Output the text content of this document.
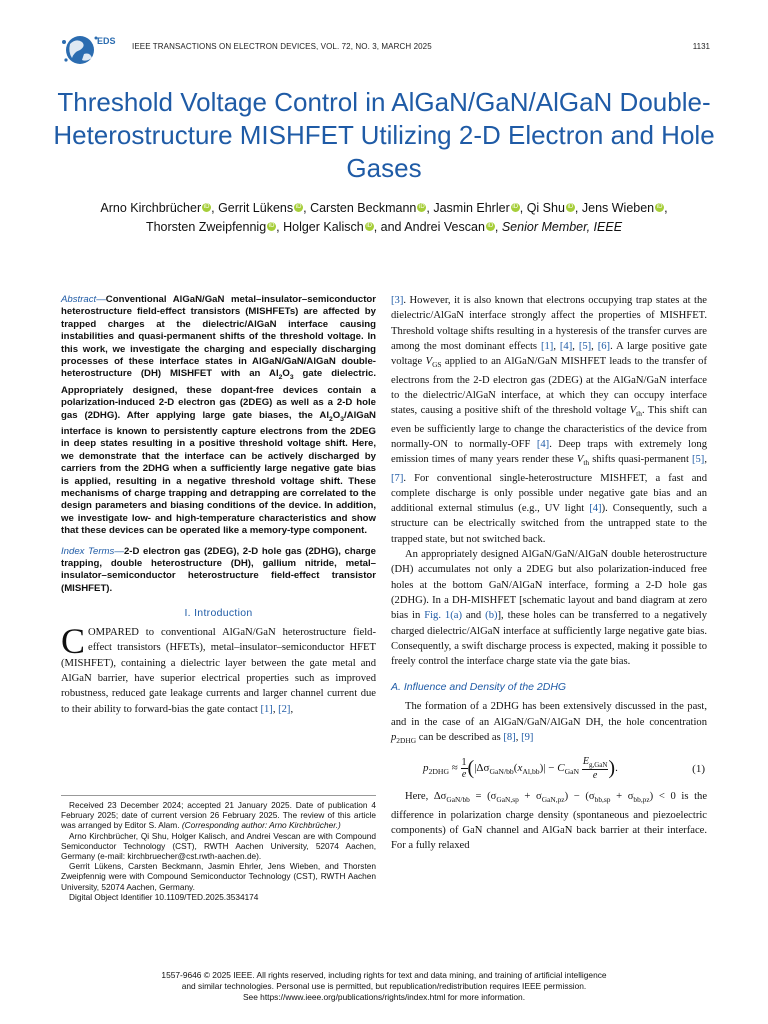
EDS
IEEE TRANSACTIONS ON ELECTRON DEVICES, VOL. 72, NO. 3, MARCH 2025	1131
Threshold Voltage Control in AlGaN/GaN/AlGaN Double-Heterostructure MISHFET Utilizing 2-D Electron and Hole Gases
Arno Kirchbrücher iD , Gerrit Lükens iD , Carsten Beckmann iD , Jasmin Ehrler iD , Qi Shu iD , Jens Wieben iD ,
Thorsten Zweipfennig iD , Holger Kalisch iD , and Andrei Vescan iD , Senior Member, IEEE

Abstract—Conventional AlGaN/GaN metal–insulator–semiconductor heterostructure field-effect transistors (MISHFETs) are affected by trapped charges at the dielectric/AlGaN interface causing instabilities and quasi-permanent shifts of the threshold voltage. In this work, we investigate the charging and especially discharging processes of these interface states in AlGaN/GaN/AlGaN double-heterostructure (DH) MISHFET with an $Al_2O_3$ gate dielectric. Appropriately designed, these dopant-free devices contain a polarization-induced 2-D electron gas (2DEG) as well as a 2-D hole gas (2DHG). After applying large gate biases, the $Al_2O_3$/AlGaN interface is known to persistently capture electrons from the 2DEG in deep states resulting in a positive threshold voltage shift. Here, we demonstrate that the interface can be actively discharged by carriers from the 2DHG when a sufficiently large negative gate bias is applied, resulting in a negative threshold voltage shift. These mechanisms of charge trapping and detrapping are correlated to the design parameters and biasing conditions of the device. In addition, we investigate low- and high-temperature characteristics and show that these devices can be operated like a memory-type component.

Index Terms—2-D electron gas (2DEG), 2-D hole gas (2DHG), charge trapping, double heterostructure (DH), gallium nitride, metal–insulator–semiconductor heterostructure field-effect transistor (MISHFET).

I. Introduction

COMPARED to conventional AlGaN/GaN heterostructure field-effect transistors (HFETs), metal–insulator–semiconductor HFET (MISHFET), containing a dielectric layer between the gate metal and AlGaN barrier, have superior electrical properties such as improved robustness, reduced gate leakage currents and larger channel current due to their ability to forward-bias the gate contact [1], [2],

Received 23 December 2024; accepted 21 January 2025. Date of publication 4 February 2025; date of current version 26 February 2025. The review of this article was arranged by Editor S. Alam. (Corresponding author: Arno Kirchbrücher.)

Arno Kirchbrücher, Qi Shu, Holger Kalisch, and Andrei Vescan are with Compound Semiconductor Technology (CST), RWTH Aachen University, 52074 Aachen, Germany (e-mail: kirchbruecher@cst.rwth-aachen.de).

Gerrit Lükens, Carsten Beckmann, Jasmin Ehrler, Jens Wieben, and Thorsten Zweipfennig were with Compound Semiconductor Technology (CST), RWTH Aachen University, 52074 Aachen, Germany.

Digital Object Identifier 10.1109/TED.2025.3534174

[3]. However, it is also known that electrons occupying trap states at the dielectric/AlGaN interface strongly affect the properties of MISHFET. Threshold voltage shifts resulting in a hysteresis of the transfer curves are among the most dominant effects [1], [4], [5], [6]. A large positive gate voltage $V_{GS}$ applied to an AlGaN/GaN MISHFET leads to the transfer of electrons from the 2-D electron gas (2DEG) at the AlGaN/GaN interface to the dielectric/AlGaN interface, at which they can occupy interface states, causing a positive shift of the threshold voltage $V_{th}$. This shift can even be sufficiently large to change the characteristics of the device from normally-ON to normally-OFF [4]. Deep traps with extremely long emission times of many years render these $V_{th}$ shifts quasi-permanent [5], [7]. For conventional single-heterostructure MISHFET, a fast and complete discharge is only possible under negative gate bias and an additional external stimulus (e.g., UV light [4]). Consequently, such a structure can be electrically switched from the untrapped state to the trapped state, but not switched back.

An appropriately designed AlGaN/GaN/AlGaN double heterostructure (DH) accumulates not only a 2DEG but also polarization-induced free holes at the bottom GaN/AlGaN interface, forming a 2-D hole gas (2DHG). In a DH-MISHFET [schematic layout and band diagram at zero bias in Fig. 1(a) and (b)], these holes can be transferred to a negatively charged dielectric/AlGaN interface at sufficiently large negative gate bias. Consequently, a swift discharge process is expected, making it possible to freely control the interface charge state via the gate bias.

A. Influence and Density of the 2DHG

The formation of a 2DHG has been extensively discussed in the past, and in the case of an AlGaN/GaN/AlGaN DH, the hole concentration $p_{2DHG}$ can be described as [8], [9]

$p_{2DHG} \approx \frac{1}{e} (|\Delta\sigma_{GaN/bb}(x_{Al,bb})| - C_{GaN}$
$E_{g,GaN}$
e ).	(1)

Here, $\Delta\sigma_{GaN/bb} = (\sigma_{GaN,sp} + \sigma_{GaN,pz}) - (\sigma_{bb,sp} + \sigma_{bb,pz}) < 0$ is the difference in polarization charge density (spontaneous and piezoelectric components) of GaN channel and AlGaN back barrier at their interface. For a fully relaxed

1557-9646 © 2025 IEEE. All rights reserved, including rights for text and data mining, and training of artificial intelligence
and similar technologies. Personal use is permitted, but republication/redistribution requires IEEE permission.
See https://www.ieee.org/publications/rights/index.html for more information.
